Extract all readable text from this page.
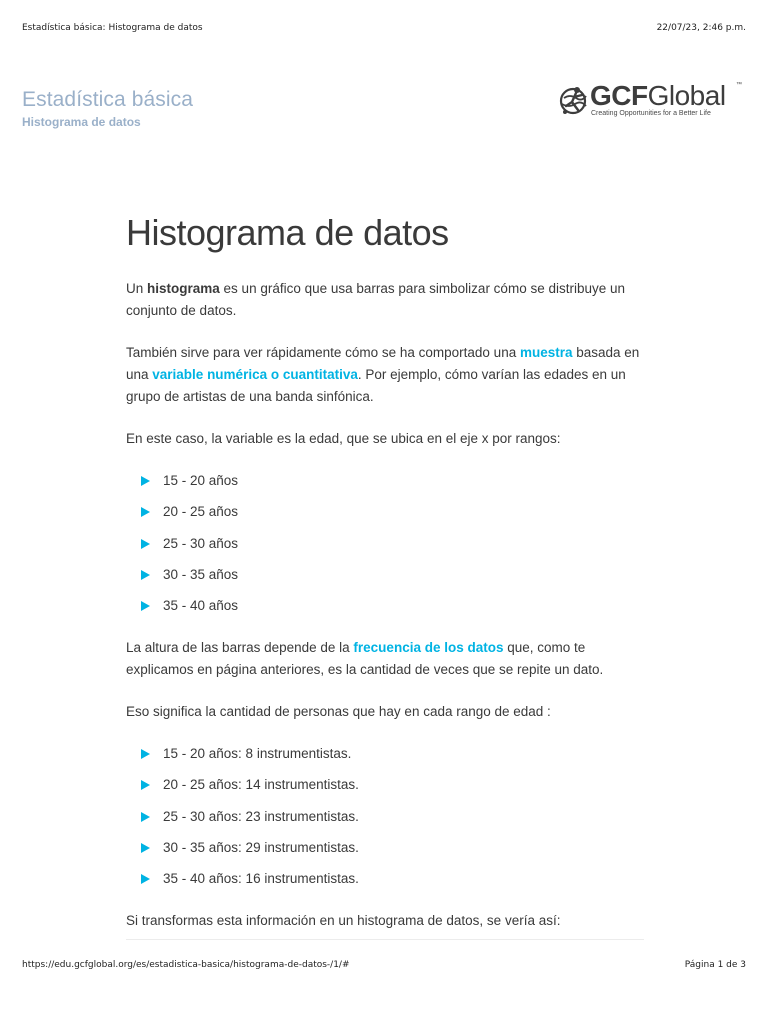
Estadística básica: Histograma de datos	22/07/23, 2:46 p.m.
Estadística básica
Histograma de datos
GCFGlobal ™
Creating Opportunities for a Better Life
Histograma de datos

Un histograma es un gráfico que usa barras para simbolizar cómo se distribuye un conjunto de datos.

También sirve para ver rápidamente cómo se ha comportado una muestra basada en una variable numérica o cuantitativa. Por ejemplo, cómo varían las edades en un grupo de artistas de una banda sinfónica.

En este caso, la variable es la edad, que se ubica en el eje x por rangos:

15 - 20 años
20 - 25 años
25 - 30 años
30 - 35 años
35 - 40 años

La altura de las barras depende de la frecuencia de los datos que, como te explicamos en página anteriores, es la cantidad de veces que se repite un dato.

Eso significa la cantidad de personas que hay en cada rango de edad :

15 - 20 años: 8 instrumentistas.
20 - 25 años: 14 instrumentistas.
25 - 30 años: 23 instrumentistas.
30 - 35 años: 29 instrumentistas.
35 - 40 años: 16 instrumentistas.

Si transformas esta información en un histograma de datos, se vería así:

https://edu.gcfglobal.org/es/estadistica-basica/histograma-de-datos-/1/#	Página 1 de 3
